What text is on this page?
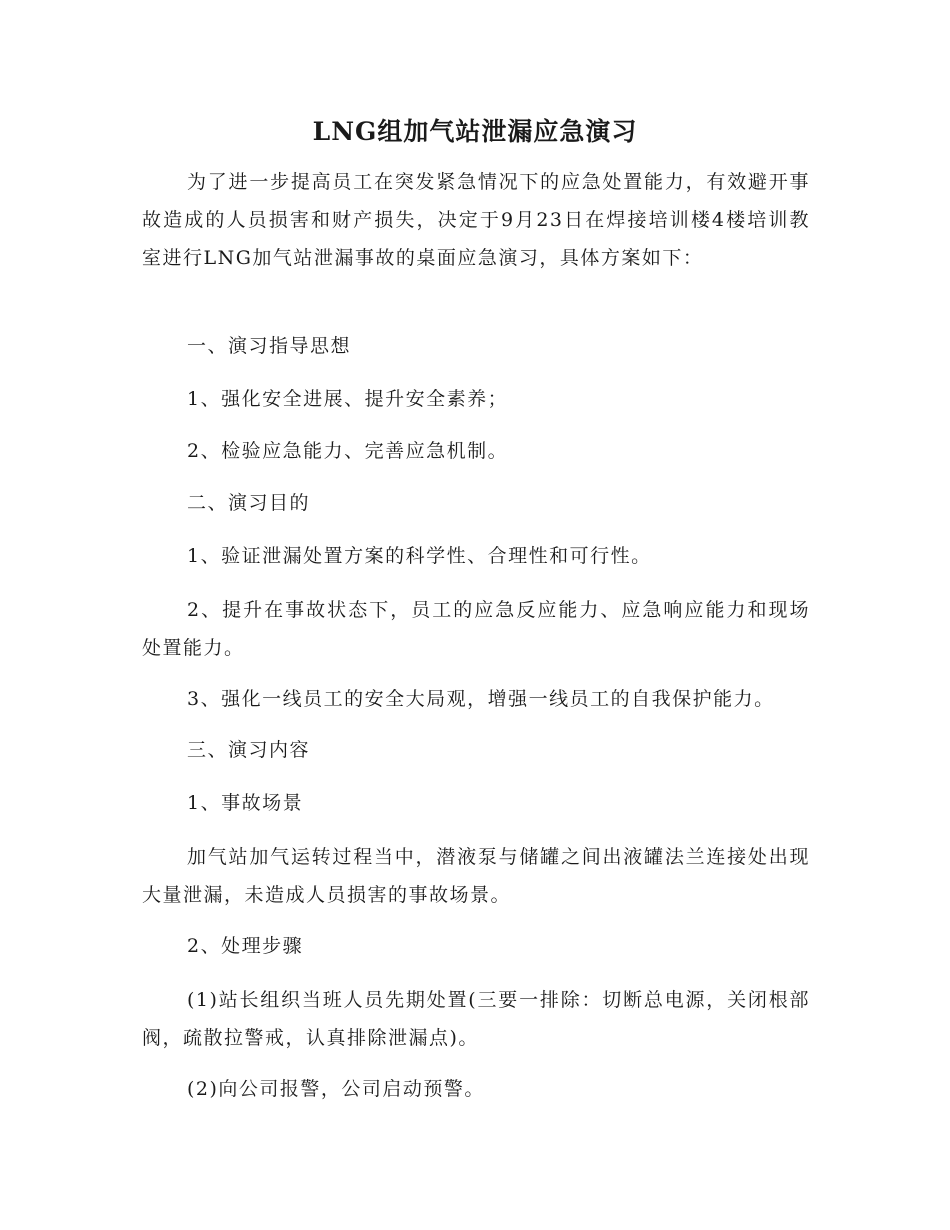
LNG组加气站泄漏应急演习

为了进一步提高员工在突发紧急情况下的应急处置能力，有效避开事故造成的人员损害和财产损失，决定于9月23日在焊接培训楼4楼培训教室进行LNG加气站泄漏事故的桌面应急演习，具体方案如下：

一、演习指导思想

1、强化安全进展、提升安全素养；

2、检验应急能力、完善应急机制。

二、演习目的

1、验证泄漏处置方案的科学性、合理性和可行性。

2、提升在事故状态下，员工的应急反应能力、应急响应能力和现场处置能力。

3、强化一线员工的安全大局观，增强一线员工的自我保护能力。

三、演习内容

1、事故场景

加气站加气运转过程当中，潜液泵与储罐之间出液罐法兰连接处出现大量泄漏，未造成人员损害的事故场景。

2、处理步骤

(1)站长组织当班人员先期处置(三要一排除：切断总电源，关闭根部阀，疏散拉警戒，认真排除泄漏点)。

(2)向公司报警，公司启动预警。
